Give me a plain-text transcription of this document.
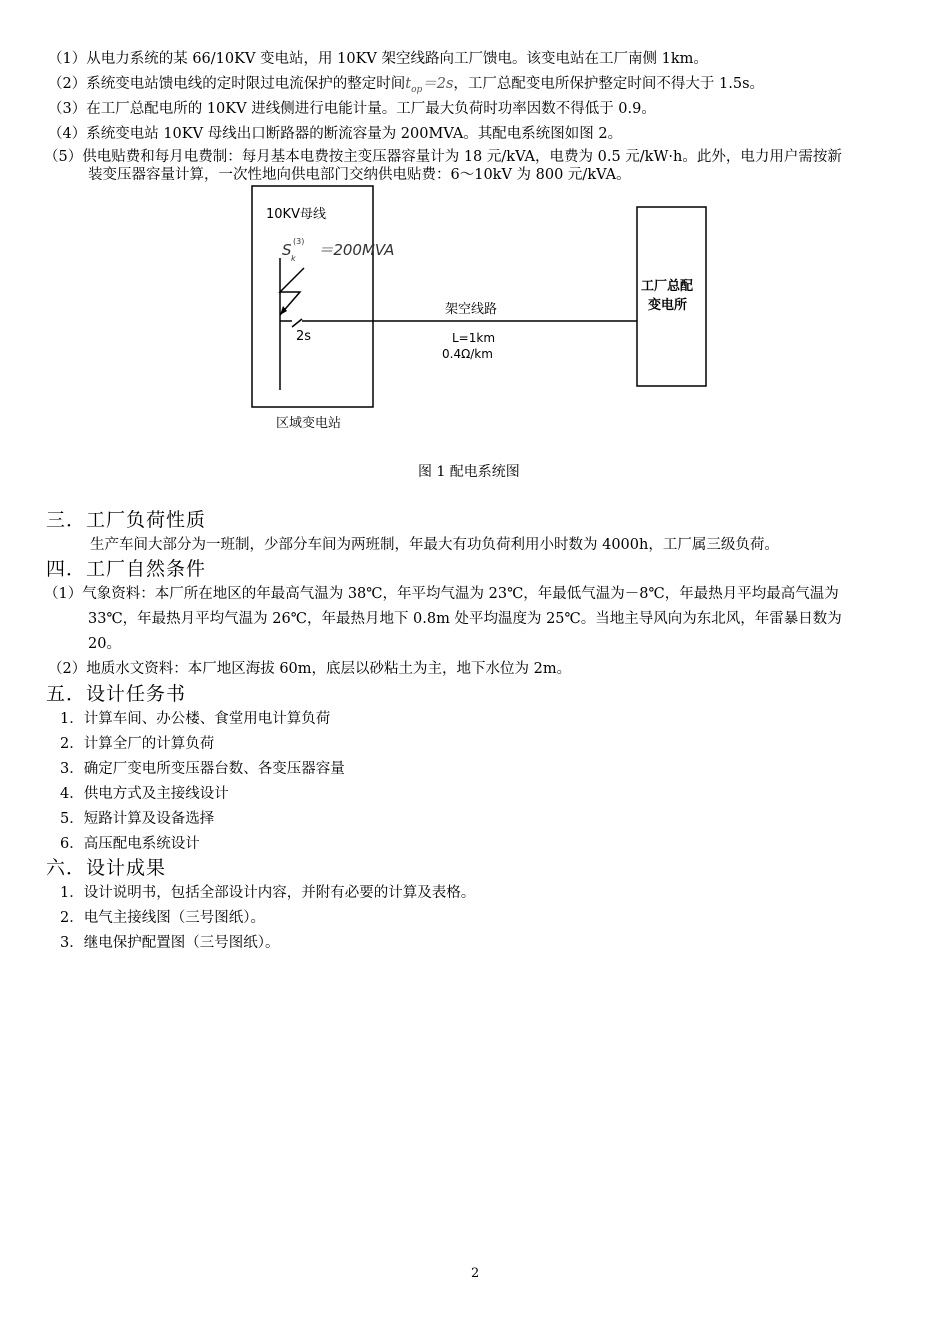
（1）从电力系统的某 66/10KV 变电站，用 10KV 架空线路向工厂馈电。该变电站在工厂南侧 1km。
（2）系统变电站馈电线的定时限过电流保护的整定时间$t_{op}=2s$，工厂总配变电所保护整定时间不得大于 1.5s。
（3）在工厂总配电所的 10KV 进线侧进行电能计量。工厂最大负荷时功率因数不得低于 0.9。
（4）系统变电站 10KV 母线出口断路器的断流容量为 200MVA。其配电系统图如图 2。
（5）供电贴费和每月电费制：每月基本电费按主变压器容量计为 18 元/kVA，电费为 0.5 元/kW·h。此外，电力用户需按新
装变压器容量计算，一次性地向供电部门交纳供电贴费：6～10kV 为 800 元/kVA。
10KV母线
S ＝200MVA
(3)
k
2s
架空线路
L=1km
0.4Ω/km
工厂总配
变电所
区域变电站
图 1 配电系统图
三．工厂负荷性质
生产车间大部分为一班制，少部分车间为两班制，年最大有功负荷利用小时数为 4000h，工厂属三级负荷。
四．工厂自然条件
（1）气象资料：本厂所在地区的年最高气温为 38℃，年平均气温为 23℃，年最低气温为－8℃，年最热月平均最高气温为
33℃，年最热月平均气温为 26℃，年最热月地下 0.8m 处平均温度为 25℃。当地主导风向为东北风，年雷暴日数为
20。
（2）地质水文资料：本厂地区海拔 60m，底层以砂粘土为主，地下水位为 2m。
五．设计任务书
1．计算车间、办公楼、食堂用电计算负荷
2．计算全厂的计算负荷
3．确定厂变电所变压器台数、各变压器容量
4．供电方式及主接线设计
5．短路计算及设备选择
6．高压配电系统设计
六．设计成果
1．设计说明书，包括全部设计内容，并附有必要的计算及表格。
2．电气主接线图（三号图纸）。
3．继电保护配置图（三号图纸）。
2
